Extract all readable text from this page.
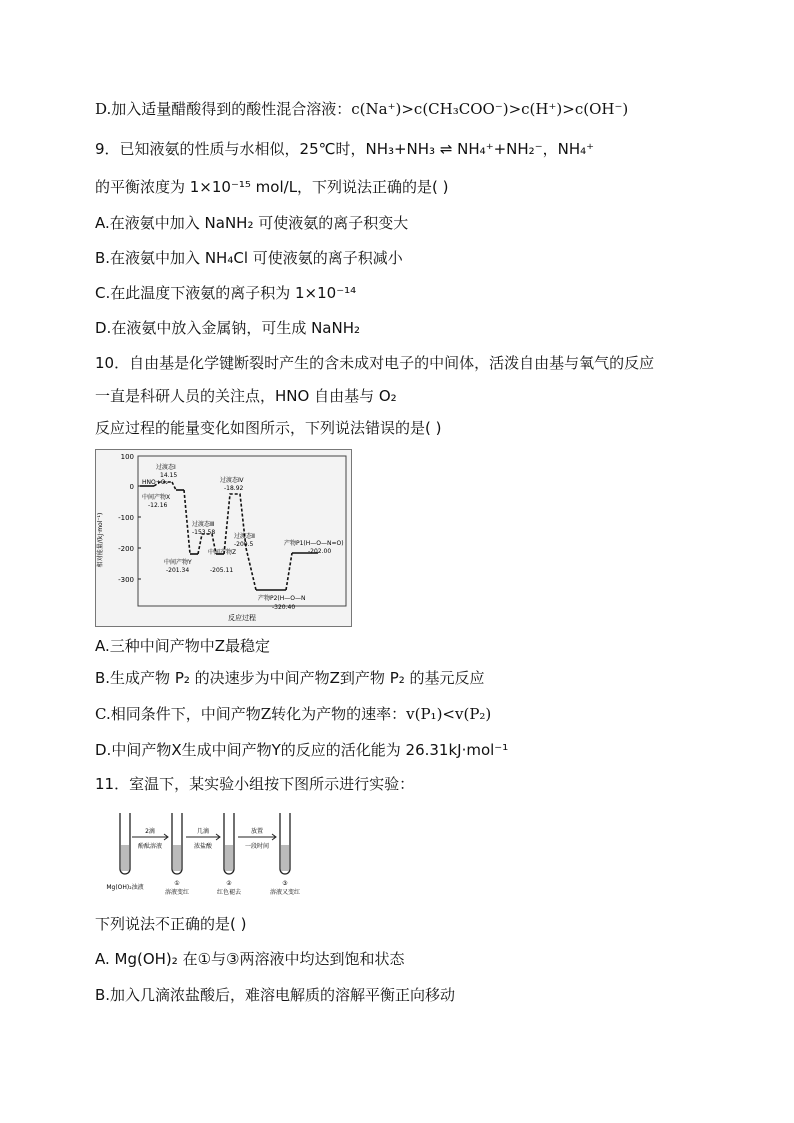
D.加入适量醋酸得到的酸性混合溶液：c(Na⁺)>c(CH₃COO⁻)>c(H⁺)>c(OH⁻)
9．已知液氨的性质与水相似，25℃时，NH₃+NH₃ ⇌ NH₄⁺+NH₂⁻，NH₄⁺
的平衡浓度为 1×10⁻¹⁵ mol/L，下列说法正确的是( )
A.在液氨中加入 NaNH₂ 可使液氨的离子积变大
B.在液氨中加入 NH₄Cl 可使液氨的离子积减小
C.在此温度下液氨的离子积为 1×10⁻¹⁴
D.在液氨中放入金属钠，可生成 NaNH₂
10．自由基是化学键断裂时产生的含未成对电子的中间体，活泼自由基与氧气的反应
一直是科研人员的关注点，HNO 自由基与 O₂
反应过程的能量变化如图所示，下列说法错误的是( )
相对能量/(kJ·mol⁻¹)
100
0
-100
-200
-300
HNO+O₂
过渡态Ⅰ
14.15
中间产物X
-12.16
过渡态Ⅲ
-153.58
过渡态Ⅳ
-18.92
中间产物Y
-201.34
中间产物Z
-205.11
过渡态Ⅱ
-200.5	产物P1(H—O—N=O)
-202.00
产物P2(H—O—N
-320.40
反应过程
A.三种中间产物中Z最稳定
B.生成产物 P₂ 的决速步为中间产物Z到产物 P₂ 的基元反应
C.相同条件下，中间产物Z转化为产物的速率：v(P₁)<v(P₂)
D.中间产物X生成中间产物Y的反应的活化能为 26.31kJ·mol⁻¹
11．室温下，某实验小组按下图所示进行实验：
2滴
酚酞溶液
几滴
浓盐酸
放置
一段时间
Mg(OH)₂浊液
①
溶液变红
②
红色褪去
③
溶液又变红
下列说法不正确的是( )
A. Mg(OH)₂ 在①与③两溶液中均达到饱和状态
B.加入几滴浓盐酸后，难溶电解质的溶解平衡正向移动
